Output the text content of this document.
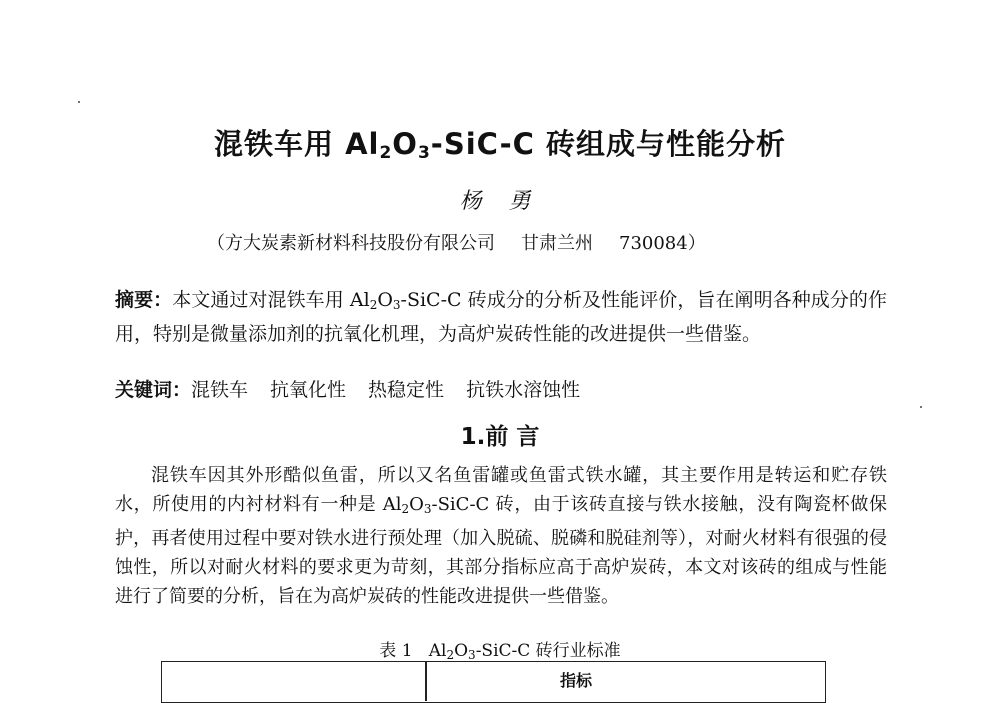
混铁车用 $Al_2O_3-SiC-C$ 砖组成与性能分析
杨 勇
（方大炭素新材料科技股份有限公司 甘肃兰州 730084）
摘要：本文通过对混铁车用 $Al_2O_3-SiC-C$ 砖成分的分析及性能评价，旨在阐明各种成分的作用，特别是微量添加剂的抗氧化机理，为高炉炭砖性能的改进提供一些借鉴。
关键词：混铁车 抗氧化性 热稳定性 抗铁水溶蚀性
1.前 言
混铁车因其外形酷似鱼雷，所以又名鱼雷罐或鱼雷式铁水罐，其主要作用是转运和贮存铁水，所使用的内衬材料有一种是 $Al_2O_3-SiC-C$ 砖，由于该砖直接与铁水接触，没有陶瓷杯做保护，再者使用过程中要对铁水进行预处理（加入脱硫、脱磷和脱硅剂等），对耐火材料有很强的侵蚀性，所以对耐火材料的要求更为苛刻，其部分指标应高于高炉炭砖，本文对该砖的组成与性能进行了简要的分析，旨在为高炉炭砖的性能改进提供一些借鉴。
表 1 $Al_2O_3-SiC-C$ 砖行业标准
指标
